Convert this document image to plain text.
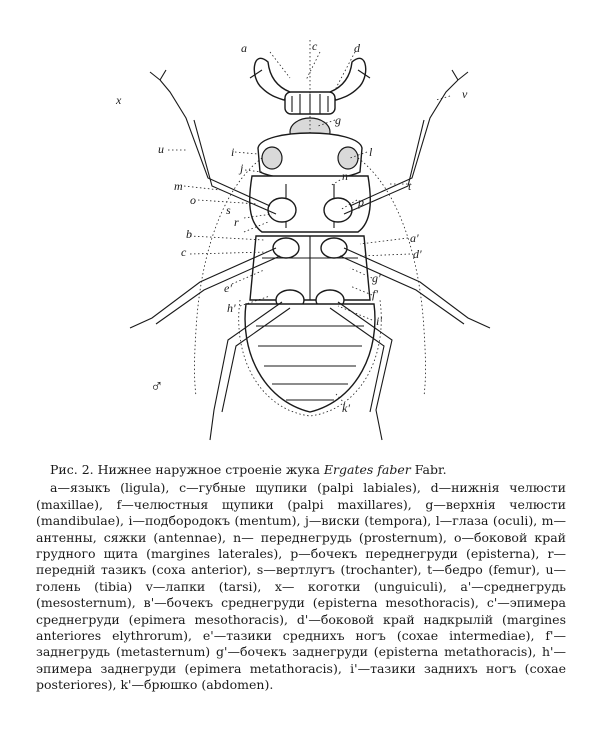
a	c	d
x	v
g
u	i	l
j
n
m	t
o	p
s
r
b	a'
c	d'
g'
e'	f'
h'
i'
k'
♂

Рис. 2. Нижнее наружное строеніе жука Ergates faber Fabr.

а—языкъ (ligula), с—губные щупики (palpi labiales), d—нижнія челюсти (maxillae), f—челюстныя щупики (palpi maxillares), g—верхнія челюсти (mandibulae), i—подбородокъ (mentum), j—виски (tempora), l—глаза (oculi), m—антенны, сяжки (antennae), n— переднегрудь (prosternum), o—боковой край грудного щита (margines laterales), p—бочекъ переднегруди (episterna), r—передній тазикъ (coxa anterior), s—вертлугъ (trochanter), t—бедро (femur), u—голень (tibia) v—лапки (tarsi), x— коготки (unguiculi), a'—среднегрудь (mesosternum), в'—бочекъ среднегруди (episterna mesothoracis), c'—эпимера среднегруди (epimera mesothoracis), d'—боковой край надкрылій (margines anteriores elythrorum), e'—тазики среднихъ ногъ (coxae intermediae), f'—заднегрудь (metasternum) g'—бочекъ заднегруди (episterna metathoracis), h'—эпимера заднегруди (epimera metathoracis), i'—тазики заднихъ ногъ (coxae posteriores), k'—брюшко (abdomen).
